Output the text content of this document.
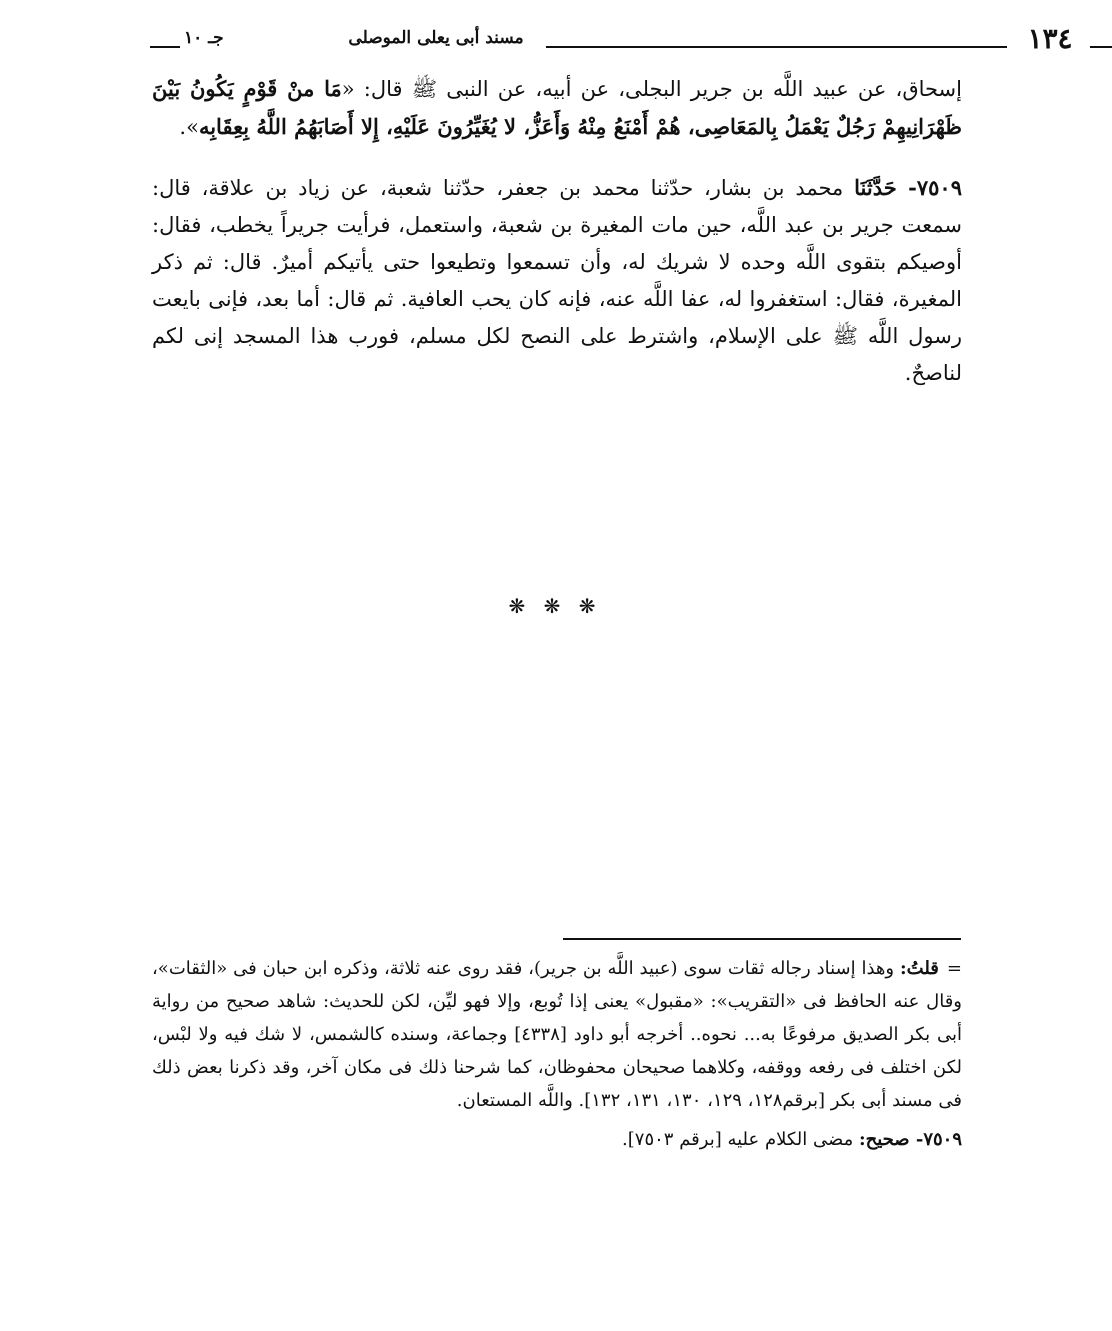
جـ ١٠	مسند أبى يعلى الموصلى	١٣٤

إسحاق، عن عبيد اللَّه بن جرير البجلى، عن أبيه، عن النبى ﷺ قال: «مَا منْ قَوْمٍ يَكُونُ بَيْنَ ظَهْرَانِيهِمْ رَجُلٌ يَعْمَلُ بِالمَعَاصِى، هُمْ أَمْنَعُ مِنْهُ وَأَعَزُّ، لا يُغَيِّرُونَ عَلَيْهِ، إِلا أَصَابَهُمُ اللَّهُ بِعِقَابِه».

٧٥٠٩- حَدَّثَنَا محمد بن بشار، حدّثنا محمد بن جعفر، حدّثنا شعبة، عن زياد بن علاقة، قال: سمعت جرير بن عبد اللَّه، حين مات المغيرة بن شعبة، واستعمل، فرأيت جريراً يخطب، فقال: أوصيكم بتقوى اللَّه وحده لا شريك له، وأن تسمعوا وتطيعوا حتى يأتيكم أميرٌ. قال: ثم ذكر المغيرة، فقال: استغفروا له، عفا اللَّه عنه، فإنه كان يحب العافية. ثم قال: أما بعد، فإنى بايعت رسول اللَّه ﷺ على الإسلام، واشترط على النصح لكل مسلم، فورب هذا المسجد إنى لكم لناصحٌ.

❋ ❋ ❋

=قلتُ: وهذا إسناد رجاله ثقات سوى (عبيد اللَّه بن جرير)، فقد روى عنه ثلاثة، وذكره ابن حبان فى «الثقات»، وقال عنه الحافظ فى «التقريب»: «مقبول» يعنى إذا تُوبع، وإلا فهو ليِّن، لكن للحديث: شاهد صحيح من رواية أبى بكر الصديق مرفوعًا به... نحوه.. أخرجه أبو داود [٤٣٣٨] وجماعة، وسنده كالشمس، لا شك فيه ولا لبْس، لكن اختلف فى رفعه ووقفه، وكلاهما صحيحان محفوظان، كما شرحنا ذلك فى مكان آخر، وقد ذكرنا بعض ذلك فى مسند أبى بكر [برقم١٢٨، ١٢٩، ١٣٠، ١٣١، ١٣٢]. واللَّه المستعان.

٧٥٠٩- صحيح: مضى الكلام عليه [برقم ٧٥٠٣].
